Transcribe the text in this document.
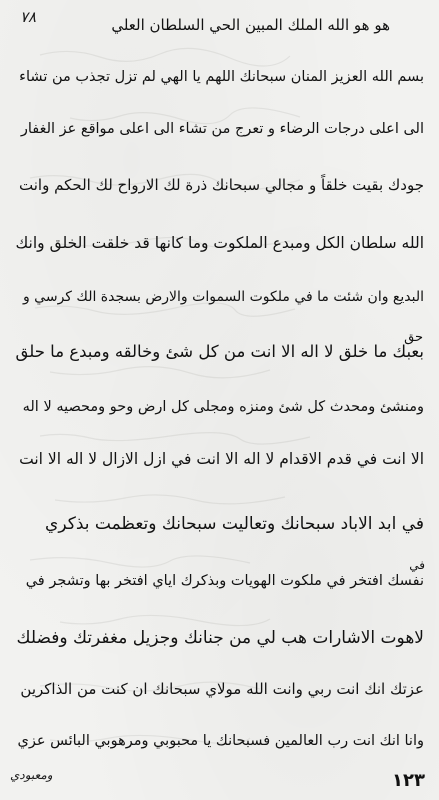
٧٨	هو هو الله الملك المبين الحي السلطان العلي
بسم الله العزيز المنان سبحانك اللهم يا الهي لم تزل تجذب من تشاء
الى اعلى درجات الرضاء و تعرج من تشاء الى اعلى مواقع عز الغفار
جودك بقيت خلقاً و مجالي سبحانك ذرة لك الارواح لك الحكم وانت
الله سلطان الكل ومبدع الملكوت وما كانها قد خلقت الخلق وانك
البديع وان شئت ما في ملكوت السموات والارض بسجدة الك كرسي و
بعبك ما خلق لا اله الا انت من كل شئ وخالقه ومبدع ما حلق
ومنشئ ومحدث كل شئ ومنزه ومجلى كل ارض وحو ومحصيه لا اله
الا انت في قدم الاقدام لا اله الا انت في ازل الازال لا اله الا انت
في ابد الاباد سبحانك وتعاليت سبحانك وتعظمت بذكري
نفسك افتخر في ملكوت الهويات وبذكرك اياي افتخر بها وتشجر في
لاهوت الاشارات هب لي من جنانك وجزيل مغفرتك وفضلك
عزتك انك انت ربي وانت الله مولاي سبحانك ان كنت من الذاكرين
وانا انك انت رب العالمين فسبحانك يا محبوبي ومرهوبي البائس عزي
حق
في
ومعبودي	١٢٣
